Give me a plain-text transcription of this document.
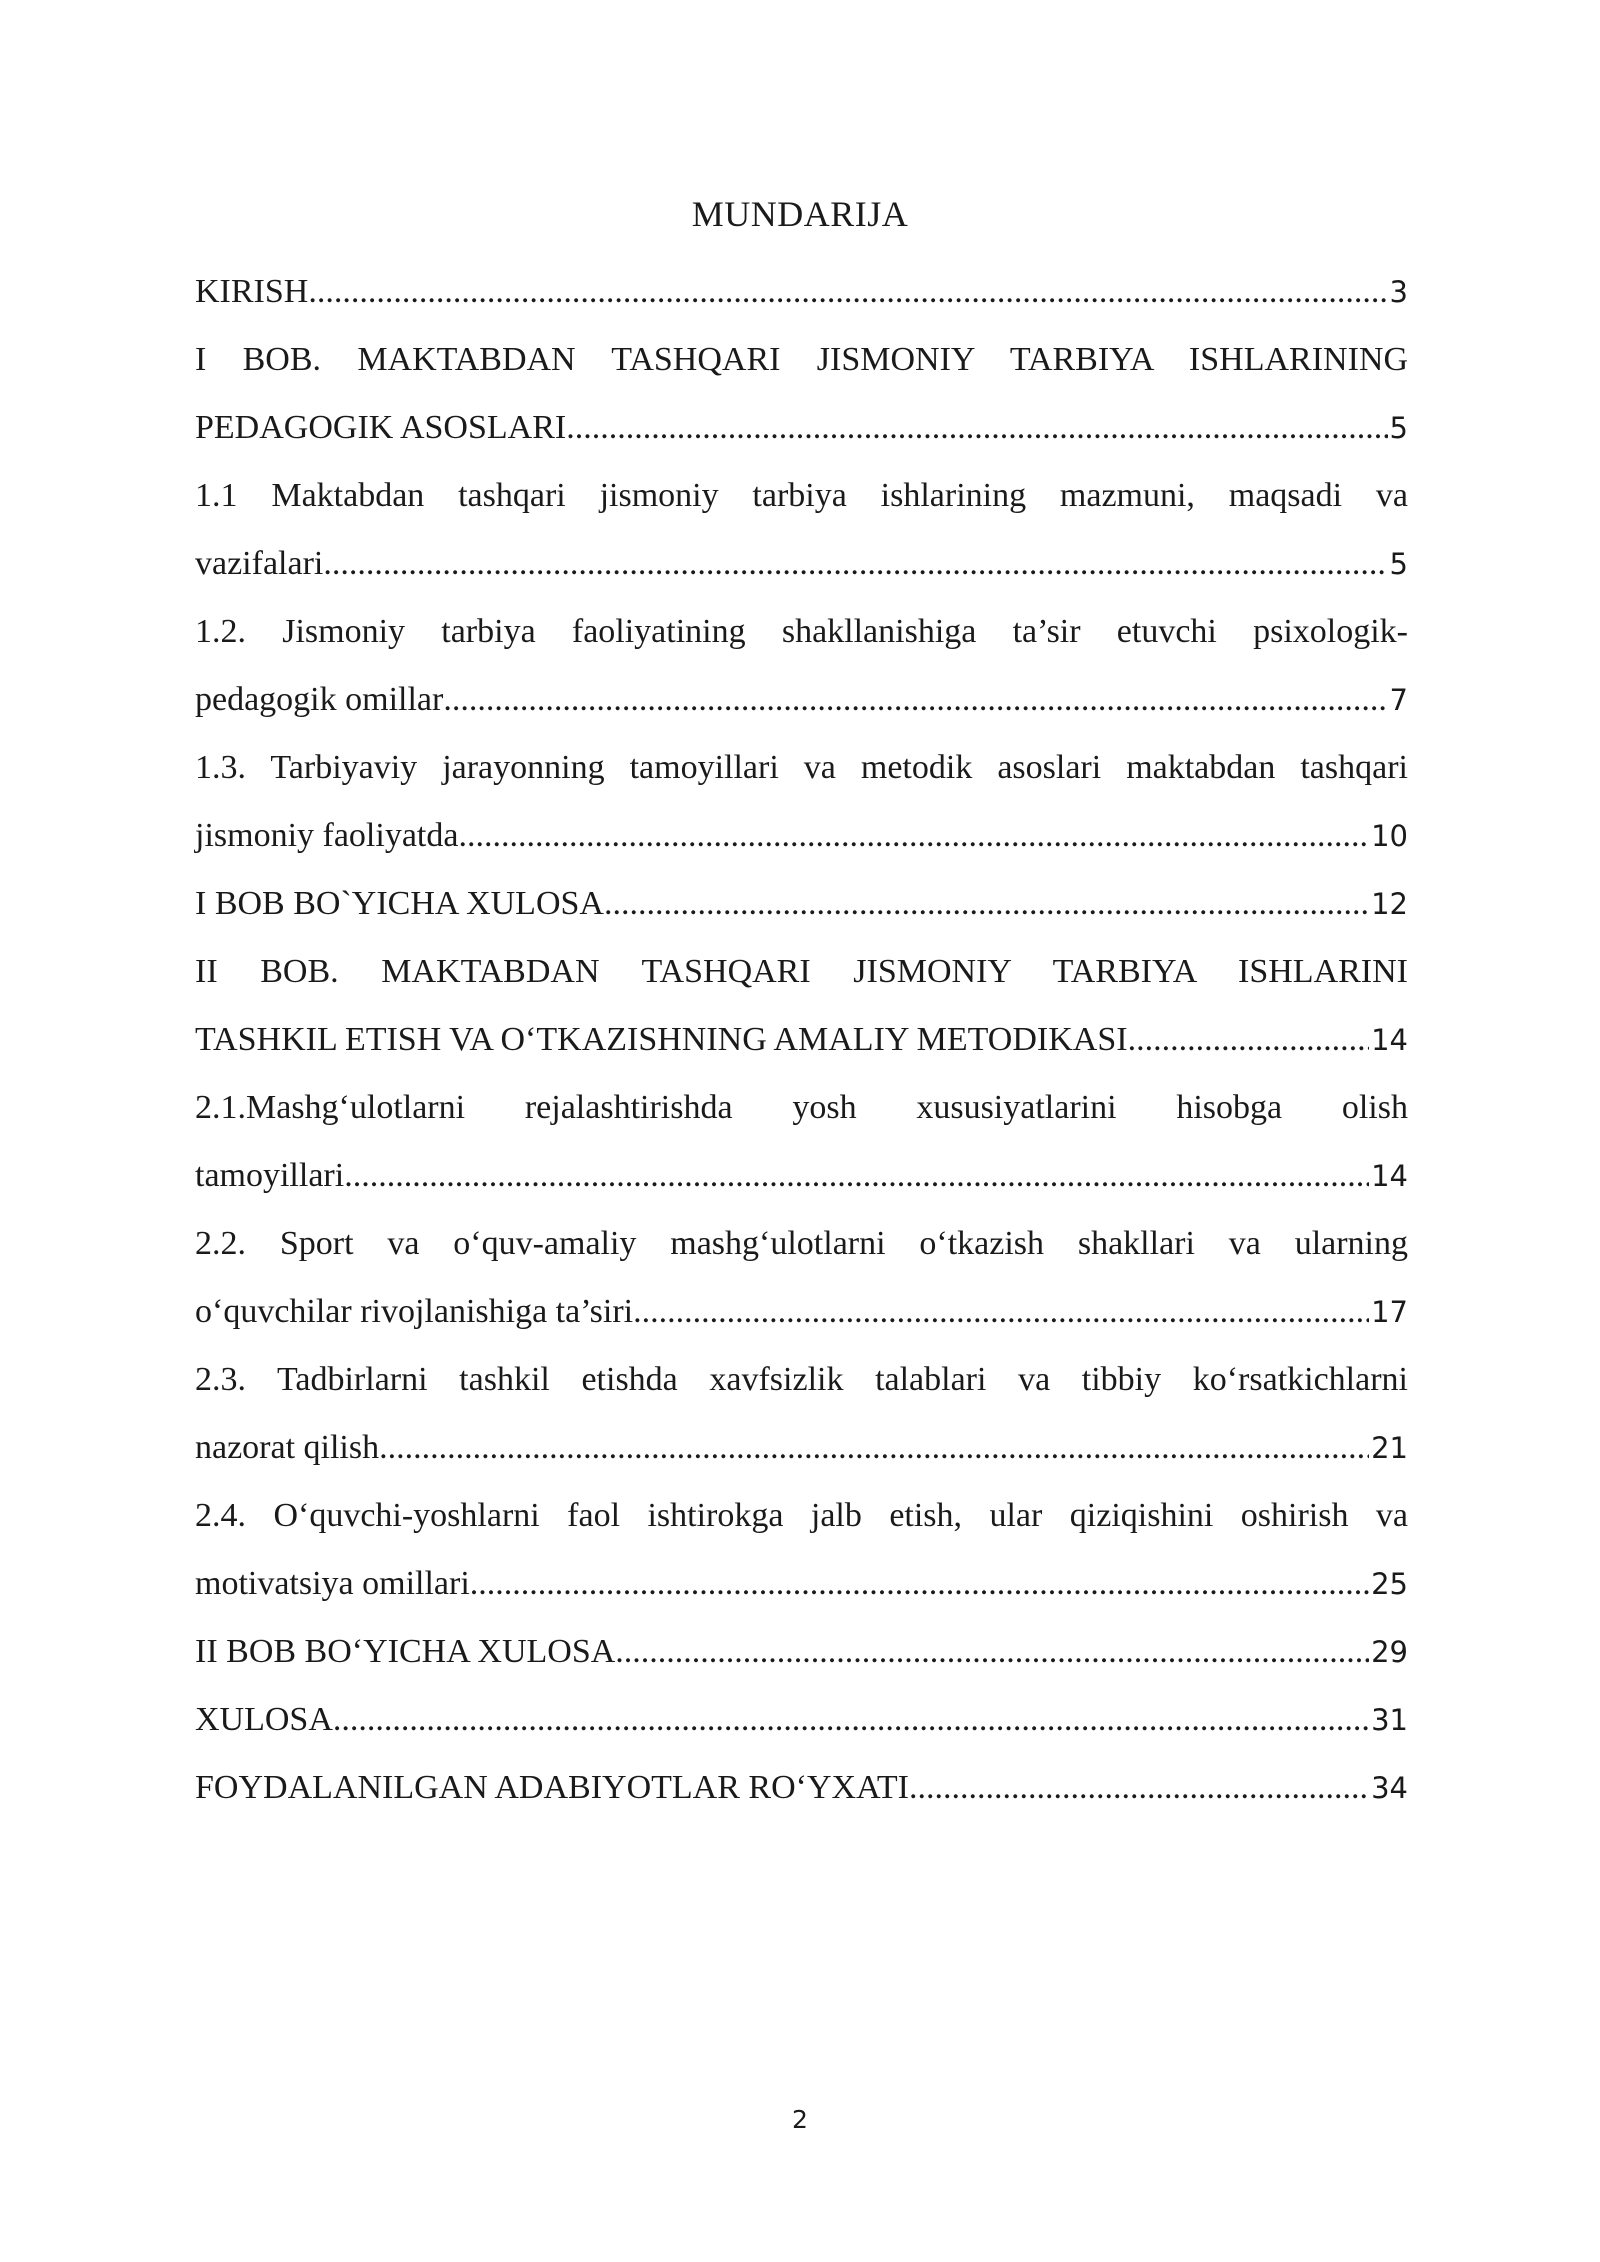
MUNDARIJA
KIRISH .....	3
I BOB. MAKTABDAN TASHQARI JISMONIY TARBIYA ISHLARINING
PEDAGOGIK ASOSLARI .....	5
1.1 Maktabdan tashqari jismoniy tarbiya ishlarining mazmuni, maqsadi va
vazifalari .....	5
1.2. Jismoniy tarbiya faoliyatining shakllanishiga ta’sir etuvchi psixologik-
pedagogik omillar .....	7
1.3. Tarbiyaviy jarayonning tamoyillari va metodik asoslari maktabdan tashqari
jismoniy faoliyatda .....	10
I BOB BO`YICHA XULOSA .....	12
II BOB. MAKTABDAN TASHQARI JISMONIY TARBIYA ISHLARINI
TASHKIL ETISH VA O‘TKAZISHNING AMALIY METODIKASI .....	14
2.1.Mashg‘ulotlarni rejalashtirishda yosh xususiyatlarini hisobga olish
tamoyillari .....	14
2.2. Sport va o‘quv-amaliy mashg‘ulotlarni o‘tkazish shakllari va ularning
o‘quvchilar rivojlanishiga ta’siri .....	17
2.3. Tadbirlarni tashkil etishda xavfsizlik talablari va tibbiy ko‘rsatkichlarni
nazorat qilish .....	21
2.4. O‘quvchi-yoshlarni faol ishtirokga jalb etish, ular qiziqishini oshirish va
motivatsiya omillari .....	25
II BOB BO‘YICHA XULOSA .....	29
XULOSA .....	31
FOYDALANILGAN ADABIYOTLAR RO‘YXATI .....	34
2
